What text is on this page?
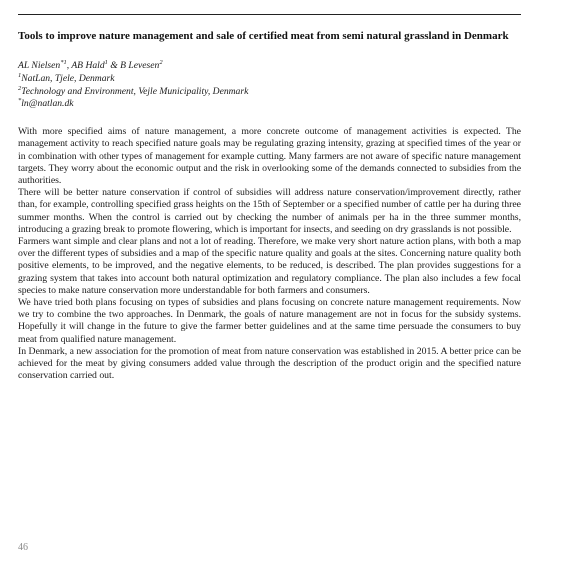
Tools to improve nature management and sale of certified meat from semi natural grassland in Denmark
AL Nielsen$^{*1}$, AB Hald$^1$ & B Levesen$^2$
$^1$NatLan, Tjele, Denmark
$^2$Technology and Environment, Vejle Municipality, Denmark
*ln@natlan.dk

With more specified aims of nature management, a more concrete outcome of management activities is expected. The management activity to reach specified nature goals may be regulating grazing intensity, grazing at specified times of the year or in combination with other types of management for example cutting. Many farmers are not aware of specific nature management targets. They worry about the economic output and the risk in overlooking some of the demands connected to subsidies from the authorities.

There will be better nature conservation if control of subsidies will address nature conservation/improvement directly, rather than, for example, controlling specified grass heights on the 15th of September or a specified number of cattle per ha during three summer months. When the control is carried out by checking the number of animals per ha in the three summer months, introducing a grazing break to promote flowering, which is important for insects, and seeding on dry grasslands is not possible.

Farmers want simple and clear plans and not a lot of reading. Therefore, we make very short nature action plans, with both a map over the different types of subsidies and a map of the specific nature quality and goals at the sites. Concerning nature quality both positive elements, to be improved, and the negative elements, to be reduced, is described. The plan provides suggestions for a grazing system that takes into account both natural optimization and regulatory compliance. The plan also includes a few focal species to make nature conservation more understandable for both farmers and consumers.

We have tried both plans focusing on types of subsidies and plans focusing on concrete nature management requirements. Now we try to combine the two approaches. In Denmark, the goals of nature management are not in focus for the subsidy systems. Hopefully it will change in the future to give the farmer better guidelines and at the same time persuade the consumers to buy meat from qualified nature management.

In Denmark, a new association for the promotion of meat from nature conservation was established in 2015. A better price can be achieved for the meat by giving consumers added value through the description of the product origin and the specified nature conservation carried out.

46
